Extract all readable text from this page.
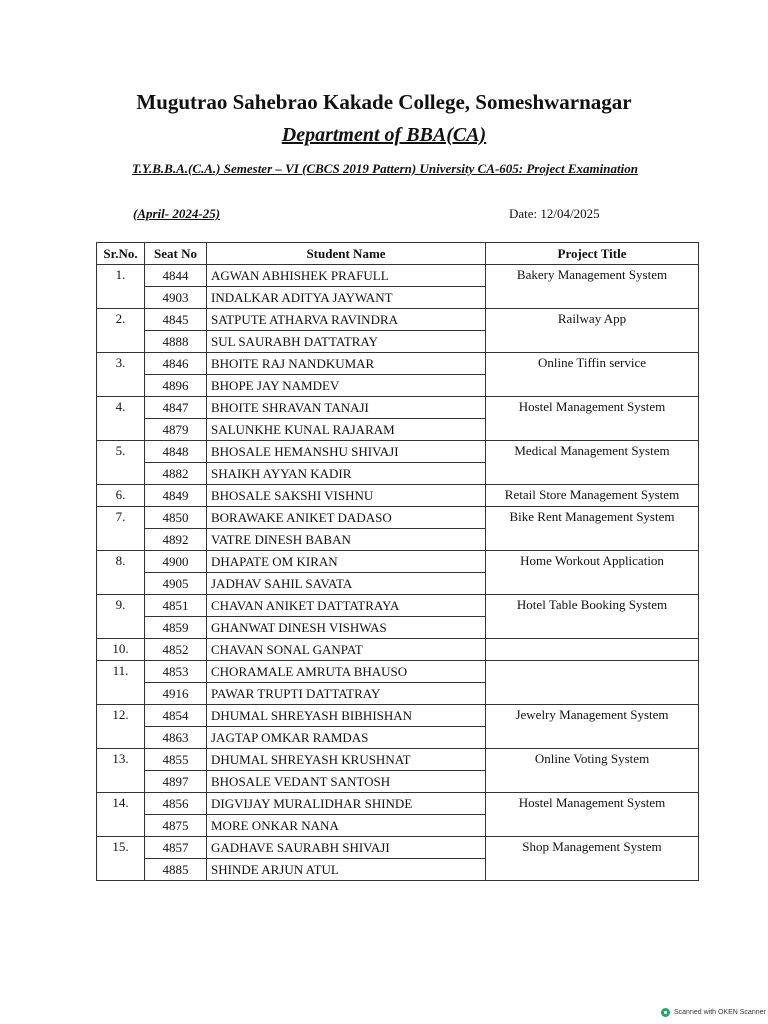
Mugutrao Sahebrao Kakade College, Someshwarnagar
Department of BBA(CA)
T.Y.B.B.A.(C.A.) Semester – VI (CBCS 2019 Pattern) University CA-605: Project Examination
(April- 2024-25)	Date: 12/04/2025
Sr.No.	Seat No	Student Name	Project Title
1.	4844	AGWAN ABHISHEK PRAFULL	Bakery Management System
	4903	INDALKAR ADITYA JAYWANT	
2.	4845	SATPUTE ATHARVA RAVINDRA	Railway App
	4888	SUL SAURABH DATTATRAY	
3.	4846	BHOITE RAJ NANDKUMAR	Online Tiffin service
	4896	BHOPE JAY NAMDEV	
4.	4847	BHOITE SHRAVAN TANAJI	Hostel Management System
	4879	SALUNKHE KUNAL RAJARAM	
5.	4848	BHOSALE HEMANSHU SHIVAJI	Medical Management System
	4882	SHAIKH AYYAN KADIR	
6.	4849	BHOSALE SAKSHI VISHNU	Retail Store Management System
7.	4850	BORAWAKE ANIKET DADASO	Bike Rent Management System
	4892	VATRE DINESH BABAN	
8.	4900	DHAPATE OM KIRAN	Home Workout Application
	4905	JADHAV SAHIL SAVATA	
9.	4851	CHAVAN ANIKET DATTATRAYA	Hotel Table Booking System
	4859	GHANWAT DINESH VISHWAS	
10.	4852	CHAVAN SONAL GANPAT	
11.	4853	CHORAMALE AMRUTA BHAUSO	
	4916	PAWAR TRUPTI DATTATRAY	
12.	4854	DHUMAL SHREYASH BIBHISHAN	Jewelry Management System
	4863	JAGTAP OMKAR RAMDAS	
13.	4855	DHUMAL SHREYASH KRUSHNAT	Online Voting System
	4897	BHOSALE VEDANT SANTOSH	
14.	4856	DIGVIJAY MURALIDHAR SHINDE	Hostel Management System
	4875	MORE ONKAR NANA	
15.	4857	GADHAVE SAURABH SHIVAJI	Shop Management System
	4885	SHINDE ARJUN ATUL	
Scanned with OKEN Scanner
